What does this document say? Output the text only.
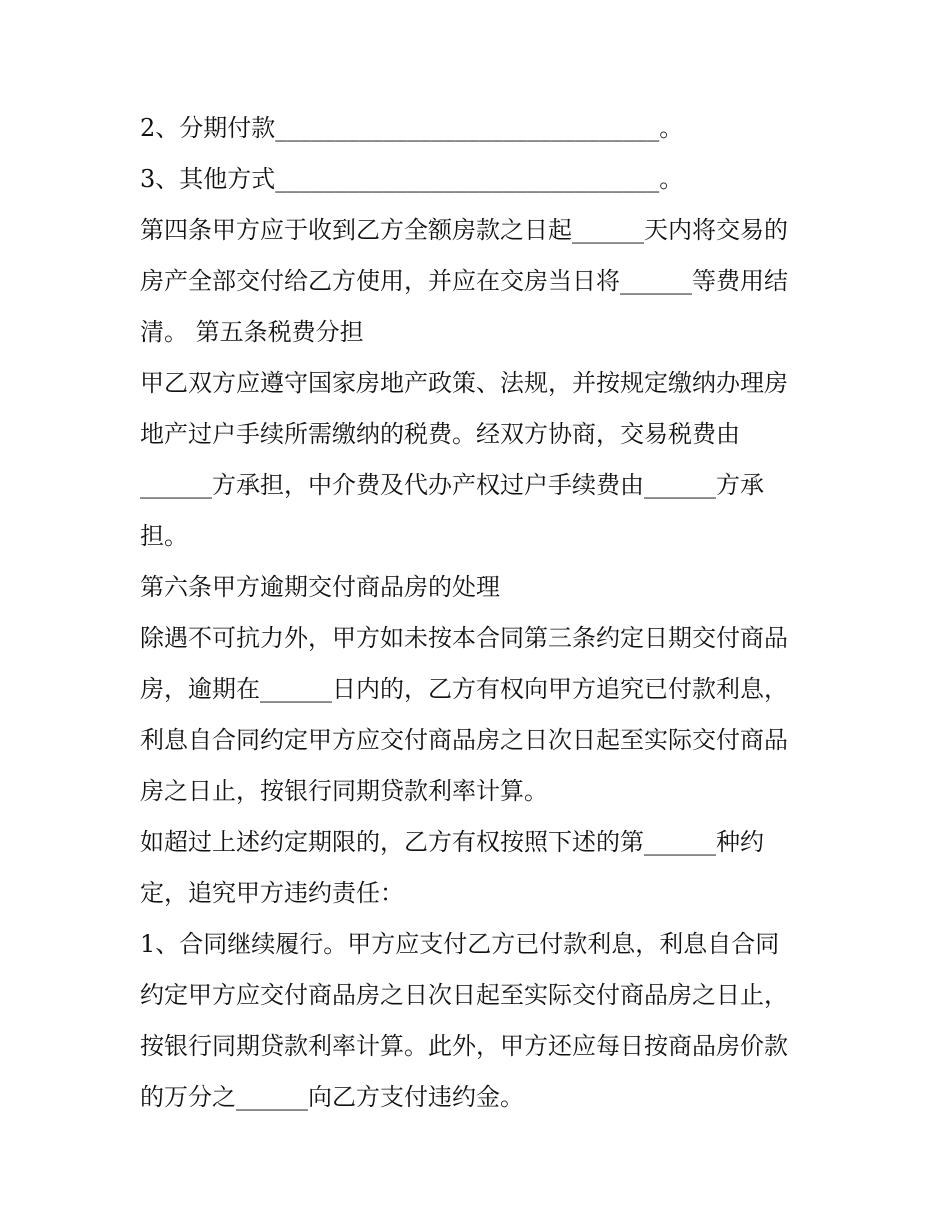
2、分期付款________________________________。
3、其他方式________________________________。
第四条甲方应于收到乙方全额房款之日起______天内将交易的
房产全部交付给乙方使用，并应在交房当日将______等费用结
清。 第五条税费分担
甲乙双方应遵守国家房地产政策、法规，并按规定缴纳办理房
地产过户手续所需缴纳的税费。经双方协商，交易税费由
______方承担，中介费及代办产权过户手续费由______方承
担。
第六条甲方逾期交付商品房的处理
除遇不可抗力外，甲方如未按本合同第三条约定日期交付商品
房，逾期在______日内的，乙方有权向甲方追究已付款利息，
利息自合同约定甲方应交付商品房之日次日起至实际交付商品
房之日止，按银行同期贷款利率计算。
如超过上述约定期限的，乙方有权按照下述的第______种约
定，追究甲方违约责任：
1、合同继续履行。甲方应支付乙方已付款利息，利息自合同
约定甲方应交付商品房之日次日起至实际交付商品房之日止，
按银行同期贷款利率计算。此外，甲方还应每日按商品房价款
的万分之______向乙方支付违约金。
